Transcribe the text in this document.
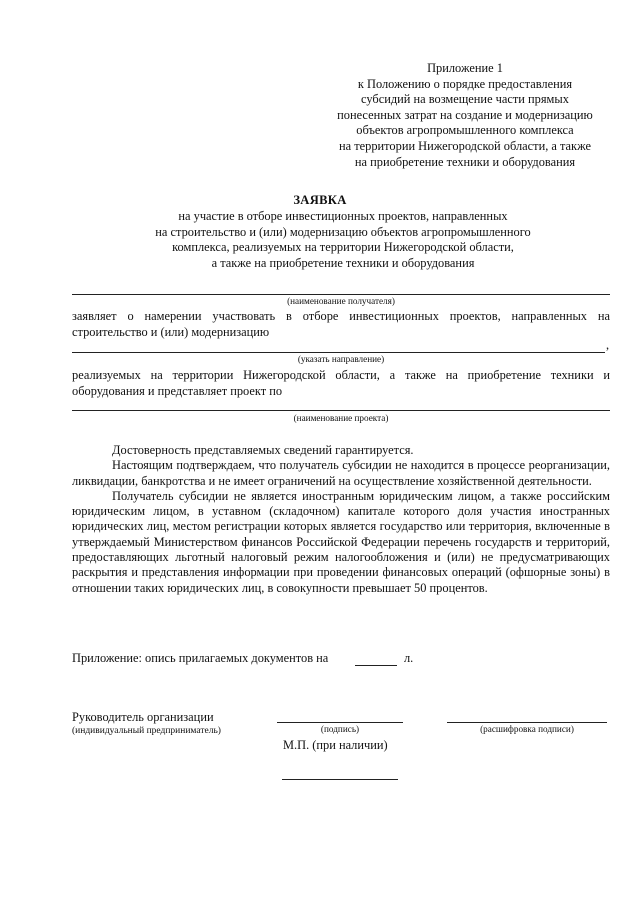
Приложение 1
к Положению о порядке предоставления
субсидий на возмещение части прямых
понесенных затрат на создание и модернизацию
объектов агропромышленного комплекса
на территории Нижегородской области, а также
на приобретение техники и оборудования
ЗАЯВКА
на участие в отборе инвестиционных проектов, направленных
на строительство и (или) модернизацию объектов агропромышленного
комплекса, реализуемых на территории Нижегородской области,
а также на приобретение техники и оборудования
(наименование получателя)
заявляет о намерении участвовать в отборе инвестиционных проектов, направленных на
строительство и (или) модернизацию
,
(указать направление)
реализуемых на территории Нижегородской области, а также на приобретение техники и
оборудования и представляет проект по
(наименование проекта)

Достоверность представляемых сведений гарантируется.

Настоящим подтверждаем, что получатель субсидии не находится в процессе реорганизации, ликвидации, банкротства и не имеет ограничений на осуществление хозяйственной деятельности.

Получатель субсидии не является иностранным юридическим лицом, а также российским юридическим лицом, в уставном (складочном) капитале которого доля участия иностранных юридических лиц, местом регистрации которых является государство или территория, включенные в утверждаемый Министерством финансов Российской Федерации перечень государств и территорий, предоставляющих льготный налоговый режим налогообложения и (или) не предусматривающих раскрытия и представления информации при проведении финансовых операций (офшорные зоны) в отношении таких юридических лиц, в совокупности превышает 50 процентов.

Приложение: опись прилагаемых документов на	л.
Руководитель организации
(индивидуальный предприниматель)	(подпись)	(расшифровка подписи)
М.П. (при наличии)
